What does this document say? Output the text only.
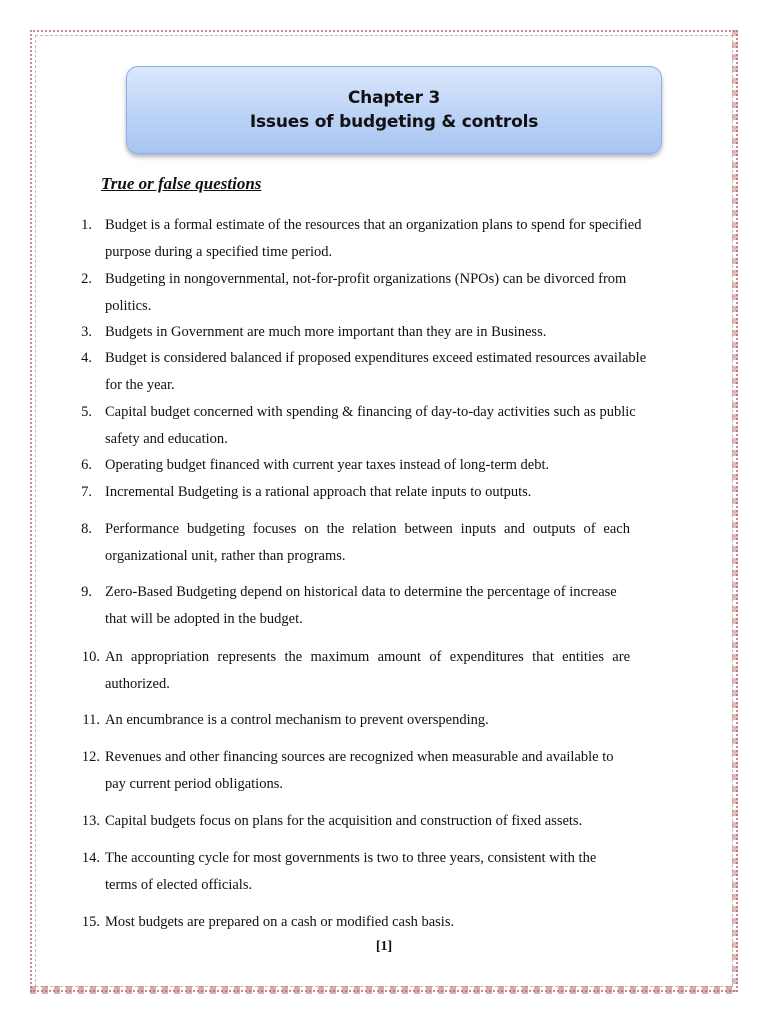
Chapter 3
Issues of budgeting & controls
True or false questions
1. Budget is a formal estimate of the resources that an organization plans to spend for specified
purpose during a specified time period.
2. Budgeting in nongovernmental, not-for-profit organizations (NPOs) can be divorced from
politics.
3. Budgets in Government are much more important than they are in Business.
4. Budget is considered balanced if proposed expenditures exceed estimated resources available
for the year.
5. Capital budget concerned with spending & financing of day-to-day activities such as public
safety and education.
6. Operating budget financed with current year taxes instead of long-term debt.
7. Incremental Budgeting is a rational approach that relate inputs to outputs.
8. Performance budgeting focuses on the relation between inputs and outputs of each
organizational unit, rather than programs.
9. Zero-Based Budgeting depend on historical data to determine the percentage of increase
that will be adopted in the budget.
10. An appropriation represents the maximum amount of expenditures that entities are
authorized.
11. An encumbrance is a control mechanism to prevent overspending.
12. Revenues and other financing sources are recognized when measurable and available to
pay current period obligations.
13. Capital budgets focus on plans for the acquisition and construction of fixed assets.
14. The accounting cycle for most governments is two to three years, consistent with the
terms of elected officials.
15. Most budgets are prepared on a cash or modified cash basis.
[1]
